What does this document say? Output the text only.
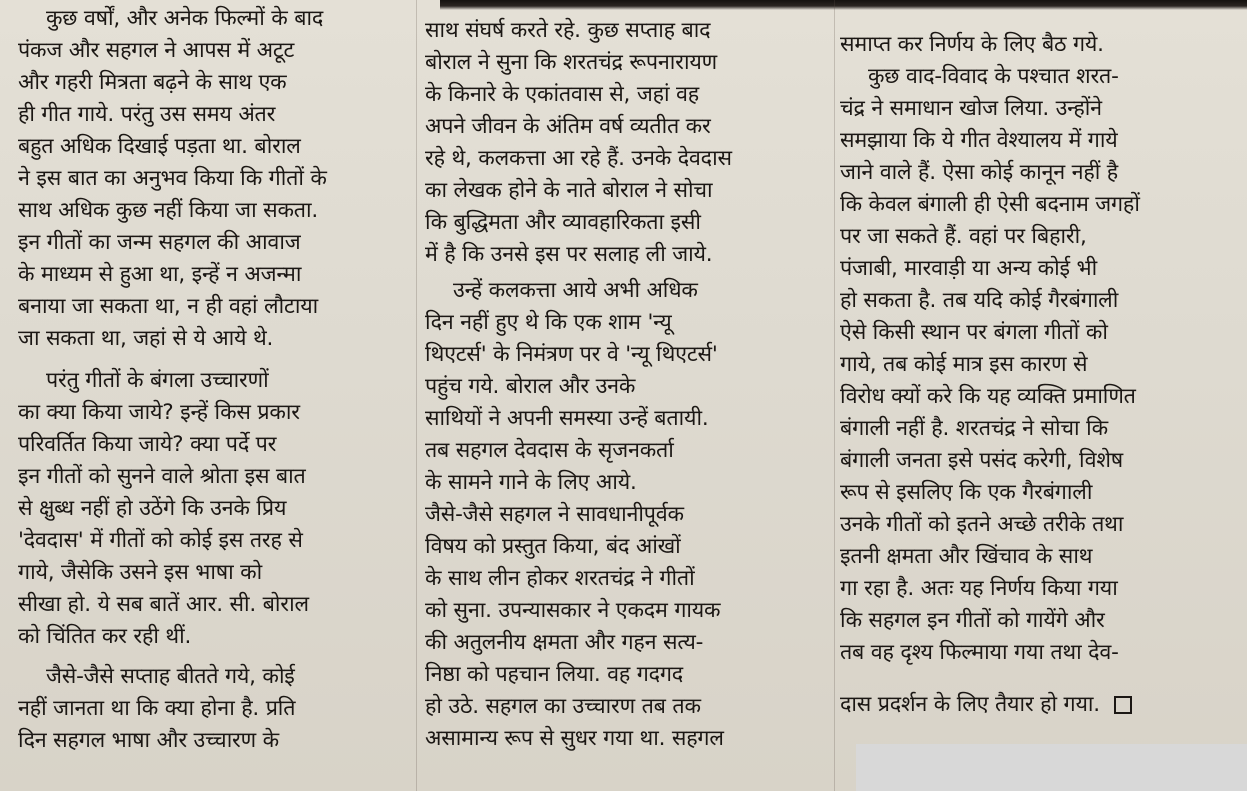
कुछ वर्षों, और अनेक फिल्मों के बाद
पंकज और सहगल ने आपस में अटूट
और गहरी मित्रता बढ़ने के साथ एक
ही गीत गाये. परंतु उस समय अंतर
बहुत अधिक दिखाई पड़ता था. बोराल
ने इस बात का अनुभव किया कि गीतों के
साथ अधिक कुछ नहीं किया जा सकता.
इन गीतों का जन्म सहगल की आवाज
के माध्यम से हुआ था, इन्हें न अजन्मा
बनाया जा सकता था, न ही वहां लौटाया
जा सकता था, जहां से ये आये थे.

परंतु गीतों के बंगला उच्चारणों
का क्या किया जाये? इन्हें किस प्रकार
परिवर्तित किया जाये? क्या पर्दे पर
इन गीतों को सुनने वाले श्रोता इस बात
से क्षुब्ध नहीं हो उठेंगे कि उनके प्रिय
'देवदास' में गीतों को कोई इस तरह से
गाये, जैसेकि उसने इस भाषा को
सीखा हो. ये सब बातें आर. सी. बोराल
को चिंतित कर रही थीं.

जैसे-जैसे सप्ताह बीतते गये, कोई
नहीं जानता था कि क्या होना है. प्रति
दिन सहगल भाषा और उच्चारण के

साथ संघर्ष करते रहे. कुछ सप्ताह बाद
बोराल ने सुना कि शरतचंद्र रूपनारायण
के किनारे के एकांतवास से, जहां वह
अपने जीवन के अंतिम वर्ष व्यतीत कर
रहे थे, कलकत्ता आ रहे हैं. उनके देवदास
का लेखक होने के नाते बोराल ने सोचा
कि बुद्धिमता और व्यावहारिकता इसी
में है कि उनसे इस पर सलाह ली जाये.

उन्हें कलकत्ता आये अभी अधिक
दिन नहीं हुए थे कि एक शाम 'न्यू
थिएटर्स' के निमंत्रण पर वे 'न्यू थिएटर्स'
पहुंच गये. बोराल और उनके
साथियों ने अपनी समस्या उन्हें बतायी.
तब सहगल देवदास के सृजनकर्ता
के सामने गाने के लिए आये.
जैसे-जैसे सहगल ने सावधानीपूर्वक
विषय को प्रस्तुत किया, बंद आंखों
के साथ लीन होकर शरतचंद्र ने गीतों
को सुना. उपन्यासकार ने एकदम गायक
की अतुलनीय क्षमता और गहन सत्य-
निष्ठा को पहचान लिया. वह गदगद
हो उठे. सहगल का उच्चारण तब तक
असामान्य रूप से सुधर गया था. सहगल

समाप्त कर निर्णय के लिए बैठ गये.

कुछ वाद-विवाद के पश्चात शरत-
चंद्र ने समाधान खोज लिया. उन्होंने
समझाया कि ये गीत वेश्यालय में गाये
जाने वाले हैं. ऐसा कोई कानून नहीं है
कि केवल बंगाली ही ऐसी बदनाम जगहों
पर जा सकते हैं. वहां पर बिहारी,
पंजाबी, मारवाड़ी या अन्य कोई भी
हो सकता है. तब यदि कोई गैरबंगाली
ऐसे किसी स्थान पर बंगला गीतों को
गाये, तब कोई मात्र इस कारण से
विरोध क्यों करे कि यह व्यक्ति प्रमाणित
बंगाली नहीं है. शरतचंद्र ने सोचा कि
बंगाली जनता इसे पसंद करेगी, विशेष
रूप से इसलिए कि एक गैरबंगाली
उनके गीतों को इतने अच्छे तरीके तथा
इतनी क्षमता और खिंचाव के साथ
गा रहा है. अतः यह निर्णय किया गया
कि सहगल इन गीतों को गायेंगे और
तब वह दृश्य फिल्माया गया तथा देव-
दास प्रदर्शन के लिए तैयार हो गया.
